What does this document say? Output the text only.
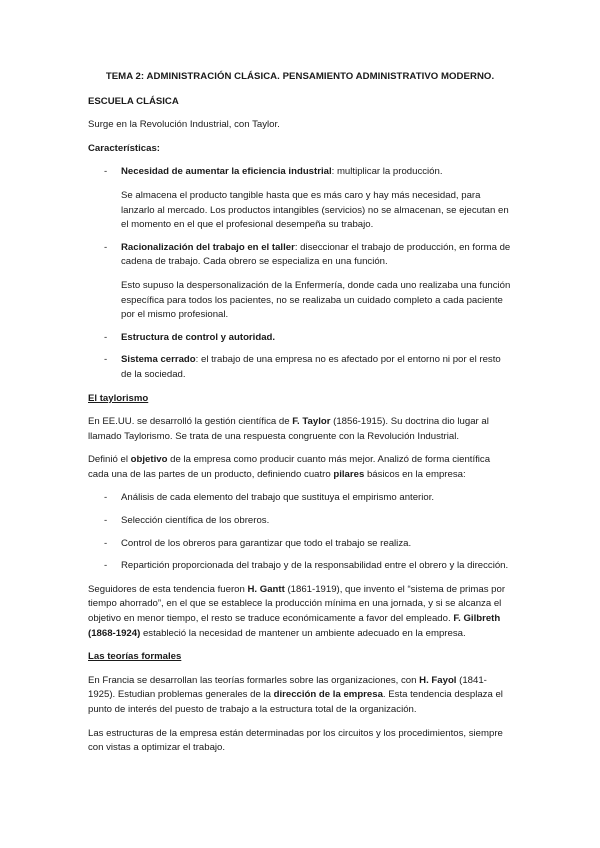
TEMA 2: ADMINISTRACIÓN CLÁSICA. PENSAMIENTO ADMINISTRATIVO MODERNO.

ESCUELA CLÁSICA

Surge en la Revolución Industrial, con Taylor.

Características:

- Necesidad de aumentar la eficiencia industrial: multiplicar la producción.

Se almacena el producto tangible hasta que es más caro y hay más necesidad, para lanzarlo al mercado. Los productos intangibles (servicios) no se almacenan, se ejecutan en el momento en el que el profesional desempeña su trabajo.

- Racionalización del trabajo en el taller: diseccionar el trabajo de producción, en forma de cadena de trabajo. Cada obrero se especializa en una función.

Esto supuso la despersonalización de la Enfermería, donde cada uno realizaba una función específica para todos los pacientes, no se realizaba un cuidado completo a cada paciente por el mismo profesional.

- Estructura de control y autoridad.
- Sistema cerrado: el trabajo de una empresa no es afectado por el entorno ni por el resto de la sociedad.

El taylorismo

En EE.UU. se desarrolló la gestión científica de F. Taylor (1856-1915). Su doctrina dio lugar al llamado Taylorismo. Se trata de una respuesta congruente con la Revolución Industrial.

Definió el objetivo de la empresa como producir cuanto más mejor. Analizó de forma científica cada una de las partes de un producto, definiendo cuatro pilares básicos en la empresa:

- Análisis de cada elemento del trabajo que sustituya el empirismo anterior.
- Selección científica de los obreros.
- Control de los obreros para garantizar que todo el trabajo se realiza.
- Repartición proporcionada del trabajo y de la responsabilidad entre el obrero y la dirección.

Seguidores de esta tendencia fueron H. Gantt (1861-1919), que invento el “sistema de primas por tiempo ahorrado”, en el que se establece la producción mínima en una jornada, y si se alcanza el objetivo en menor tiempo, el resto se traduce económicamente a favor del empleado. F. Gilbreth (1868-1924) estableció la necesidad de mantener un ambiente adecuado en la empresa.

Las teorías formales

En Francia se desarrollan las teorías formarles sobre las organizaciones, con H. Fayol (1841-1925). Estudian problemas generales de la dirección de la empresa. Esta tendencia desplaza el punto de interés del puesto de trabajo a la estructura total de la organización.

Las estructuras de la empresa están determinadas por los circuitos y los procedimientos, siempre con vistas a optimizar el trabajo.
